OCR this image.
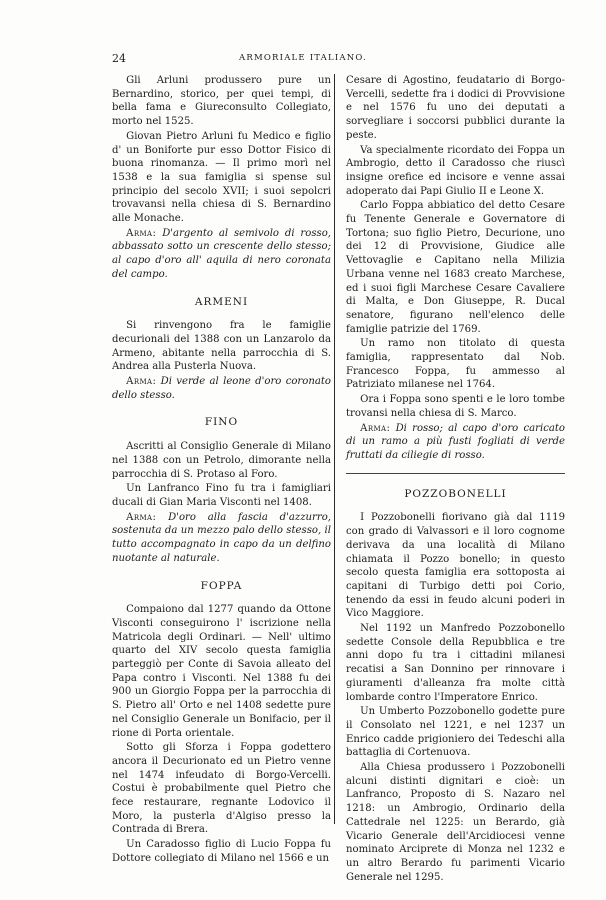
24	ARMORIALE ITALIANO.

Gli Arluni produssero pure un Bernardino, storico, per quei tempi, di bella fama e Giureconsulto Collegiato, morto nel 1525.

Giovan Pietro Arluni fu Medico e figlio d' un Boniforte pur esso Dottor Fisico di buona rinomanza. — Il primo morì nel 1538 e la sua famiglia si spense sul principio del secolo XVII; i suoi sepolcri trovavansi nella chiesa di S. Bernardino alle Monache.

Arma: D'argento al semivolo di rosso, abbassato sotto un crescente dello stesso; al capo d'oro all' aquila di nero coronata del campo.

ARMENI

Si rinvengono fra le famiglie decurionali del 1388 con un Lanzarolo da Armeno, abitante nella parrocchia di S. Andrea alla Pusterla Nuova.

Arma: Di verde al leone d'oro coronato dello stesso.

FINO

Ascritti al Consiglio Generale di Milano nel 1388 con un Petrolo, dimorante nella parrocchia di S. Protaso al Foro.

Un Lanfranco Fino fu tra i famigliari ducali di Gian Maria Visconti nel 1408.

Arma: D'oro alla fascia d'azzurro, sostenuta da un mezzo palo dello stesso, il tutto accompagnato in capo da un delfino nuotante al naturale.

FOPPA

Compaiono dal 1277 quando da Ottone Visconti conseguirono l' iscrizione nella Matricola degli Ordinari. — Nell' ultimo quarto del XIV secolo questa famiglia parteggiò per Conte di Savoia alleato del Papa contro i Visconti. Nel 1388 fu dei 900 un Giorgio Foppa per la parrocchia di S. Pietro all' Orto e nel 1408 sedette pure nel Consiglio Generale un Bonifacio, per il rione di Porta orientale.

Sotto gli Sforza i Foppa godettero ancora il Decurionato ed un Pietro venne nel 1474 infeudato di Borgo-Vercelli. Costui è probabilmente quel Pietro che fece restaurare, regnante Lodovico il Moro, la pusterla d'Algiso presso la Contrada di Brera.

Un Caradosso figlio di Lucio Foppa fu Dottore collegiato di Milano nel 1566 e un

Cesare di Agostino, feudatario di Borgo-Vercelli, sedette fra i dodici di Provvisione e nel 1576 fu uno dei deputati a sorvegliare i soccorsi pubblici durante la peste.

Va specialmente ricordato dei Foppa un Ambrogio, detto il Caradosso che riuscì insigne orefice ed incisore e venne assai adoperato dai Papi Giulio II e Leone X.

Carlo Foppa abbiatico del detto Cesare fu Tenente Generale e Governatore di Tortona; suo figlio Pietro, Decurione, uno dei 12 di Provvisione, Giudice alle Vettovaglie e Capitano nella Milizia Urbana venne nel 1683 creato Marchese, ed i suoi figli Marchese Cesare Cavaliere di Malta, e Don Giuseppe, R. Ducal senatore, figurano nell'elenco delle famiglie patrizie del 1769.

Un ramo non titolato di questa famiglia, rappresentato dal Nob. Francesco Foppa, fu ammesso al Patriziato milanese nel 1764.

Ora i Foppa sono spenti e le loro tombe trovansi nella chiesa di S. Marco.

Arma: Di rosso; al capo d'oro caricato di un ramo a più fusti fogliati di verde fruttati da ciliegie di rosso.

POZZOBONELLI

I Pozzobonelli fiorivano già dal 1119 con grado di Valvassori e il loro cognome derivava da una località di Milano chiamata il Pozzo bonello; in questo secolo questa famiglia era sottoposta ai capitani di Turbigo detti poi Corio, tenendo da essi in feudo alcuni poderi in Vico Maggiore.

Nel 1192 un Manfredo Pozzobonello sedette Console della Repubblica e tre anni dopo fu tra i cittadini milanesi recatisi a San Donnino per rinnovare i giuramenti d'alleanza fra molte città lombarde contro l'Imperatore Enrico.

Un Umberto Pozzobonello godette pure il Consolato nel 1221, e nel 1237 un Enrico cadde prigioniero dei Tedeschi alla battaglia di Cortenuova.

Alla Chiesa produssero i Pozzobonelli alcuni distinti dignitari e cioè: un Lanfranco, Proposto di S. Nazaro nel 1218: un Ambrogio, Ordinario della Cattedrale nel 1225: un Berardo, già Vicario Generale dell'Arcidiocesi venne nominato Arciprete di Monza nel 1232 e un altro Berardo fu parimenti Vicario Generale nel 1295.
